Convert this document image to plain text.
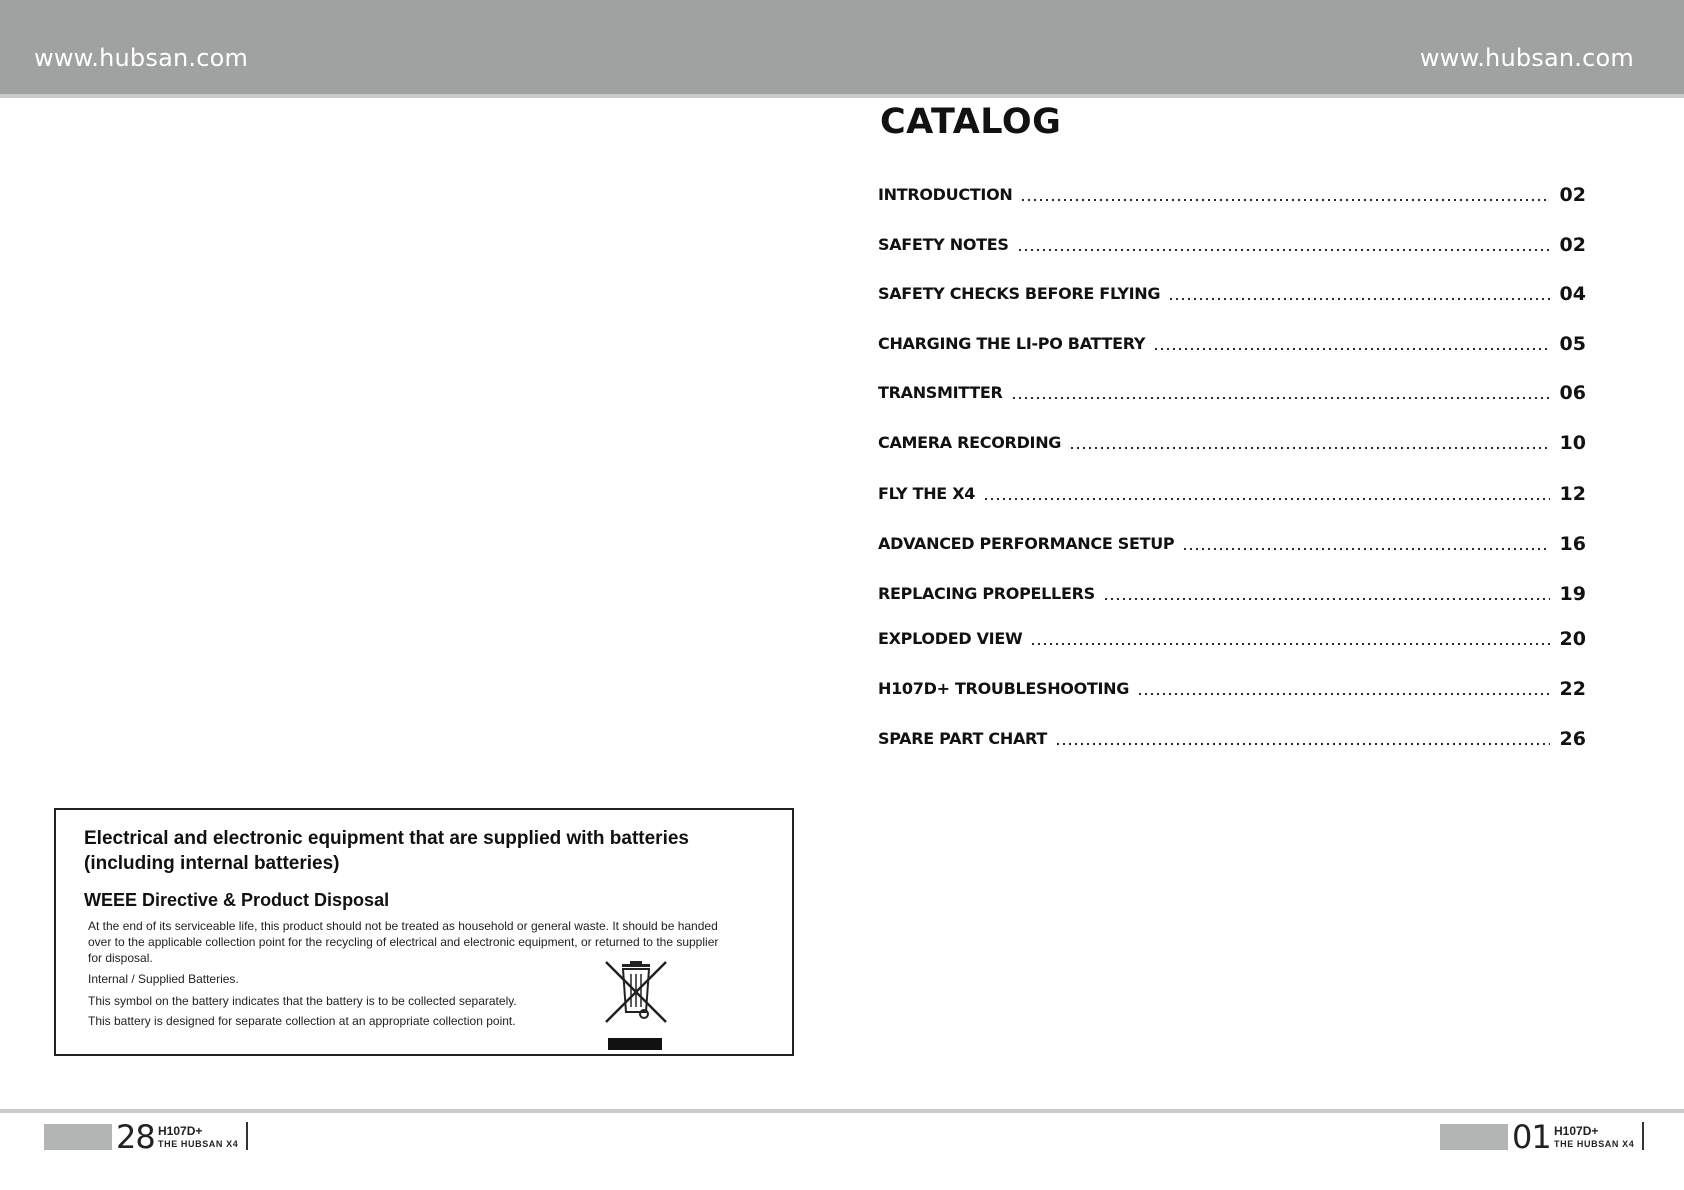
www.hubsan.com	www.hubsan.com
CATALOG
INTRODUCTION	02
SAFETY NOTES	02
SAFETY CHECKS BEFORE FLYING	04
CHARGING THE LI-PO BATTERY	05
TRANSMITTER	06
CAMERA RECORDING	10
FLY THE X4	12
ADVANCED PERFORMANCE SETUP	16
REPLACING PROPELLERS	19
EXPLODED VIEW	20
H107D+ TROUBLESHOOTING	22
SPARE PART CHART	26
Electrical and electronic equipment that are supplied with batteries (including internal batteries)
WEEE Directive & Product Disposal
At the end of its serviceable life, this product should not be treated as household or general waste. It should be handed over to the applicable collection point for the recycling of electrical and electronic equipment, or returned to the supplier for disposal.
Internal / Supplied Batteries.
This symbol on the battery indicates that the battery is to be collected separately.
This battery is designed for separate collection at an appropriate collection point.
28 H107D+
THE HUBSAN X4	01 H107D+
THE HUBSAN X4
